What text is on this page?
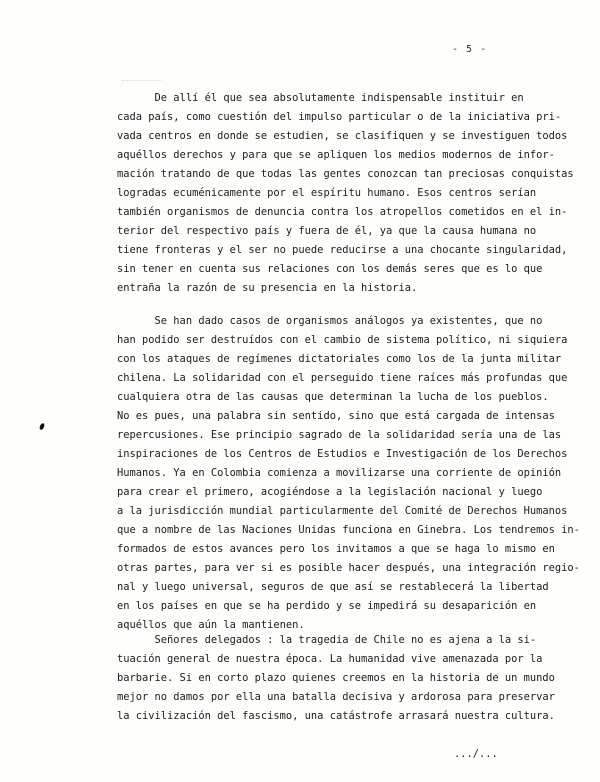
- 5 -
De allí él que sea absolutamente indispensable instituir en
cada país, como cuestión del impulso particular o de la iniciativa pri-
vada centros en donde se estudien, se clasifiquen y se investiguen todos
aquéllos derechos y para que se apliquen los medios modernos de infor-
mación tratando de que todas las gentes conozcan tan preciosas conquistas
logradas ecuménicamente por el espíritu humano. Esos centros serían
también organismos de denuncia contra los atropellos cometidos en el in-
terior del respectivo país y fuera de él, ya que la causa humana no
tiene fronteras y el ser no puede reducirse a una chocante singularidad,
sin tener en cuenta sus relaciones con los demás seres que es lo que
entraña la razón de su presencia en la historia.
Se han dado casos de organismos análogos ya existentes, que no
han podido ser destruídos con el cambio de sistema político, ni siquiera
con los ataques de regímenes dictatoriales como los de la junta militar
chilena. La solidaridad con el perseguido tiene raíces más profundas que
cualquiera otra de las causas que determinan la lucha de los pueblos.
No es pues, una palabra sin sentido, sino que está cargada de intensas
repercusiones. Ese principio sagrado de la solidaridad sería una de las
inspiraciones de los Centros de Estudios e Investigación de los Derechos
Humanos. Ya en Colombia comienza a movilizarse una corriente de opinión
para crear el primero, acogiéndose a la legislación nacional y luego
a la jurisdicción mundial particularmente del Comité de Derechos Humanos
que a nombre de las Naciones Unidas funciona en Ginebra. Los tendremos in-
formados de estos avances pero los invitamos a que se haga lo mismo en
otras partes, para ver si es posible hacer después, una integración regio-
nal y luego universal, seguros de que así se restablecerá la libertad
en los países en que se ha perdido y se impedirá su desaparición en
aquéllos que aún la mantienen.
Señores delegados : la tragedia de Chile no es ajena a la si-
tuación general de nuestra época. La humanidad vive amenazada por la
barbarie. Si en corto plazo quienes creemos en la historia de un mundo
mejor no damos por ella una batalla decisiva y ardorosa para preservar
la civilización del fascismo, una catástrofe arrasará nuestra cultura.
.../...
